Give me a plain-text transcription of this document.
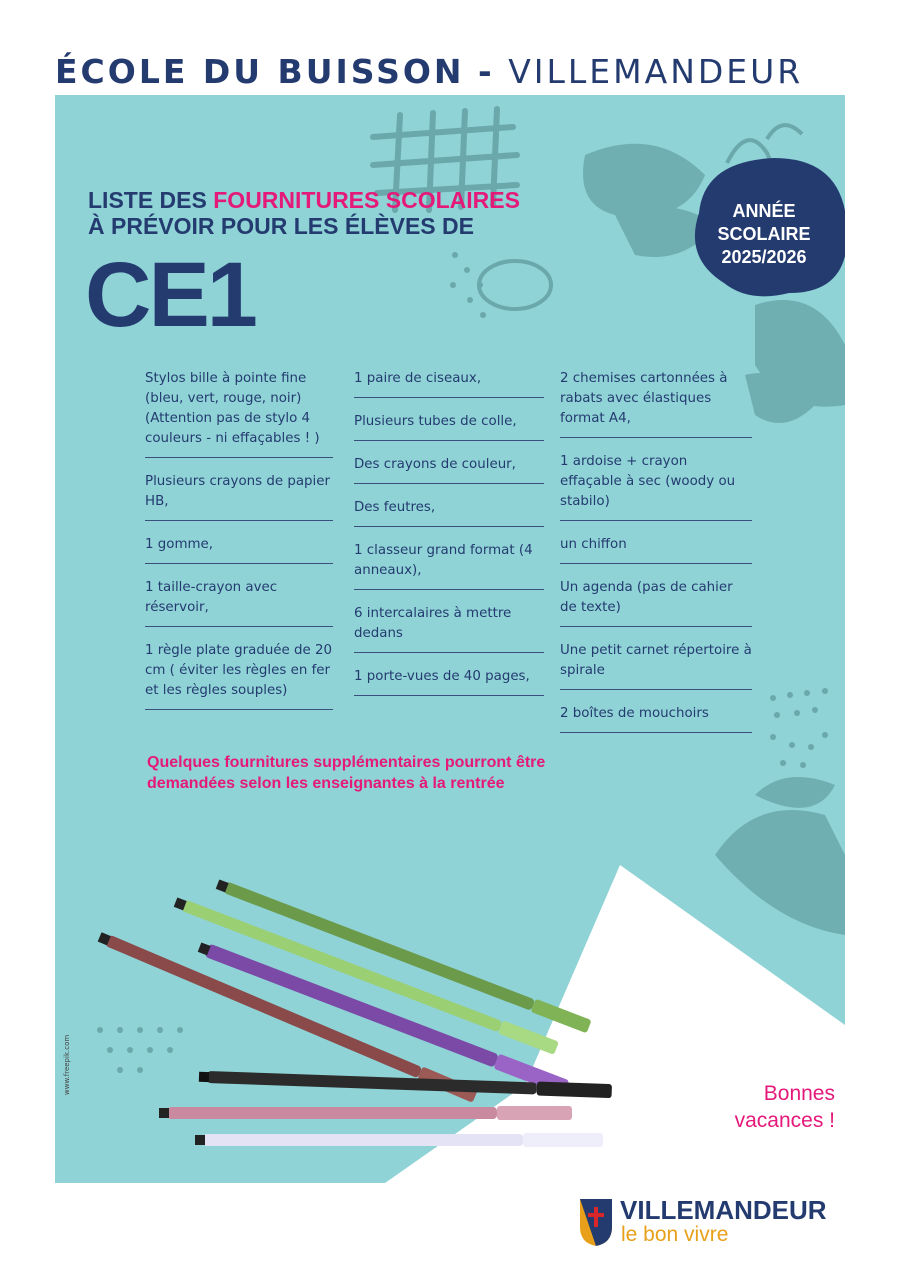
ÉCOLE DU BUISSON - VILLEMANDEUR
LISTE DES FOURNITURES SCOLAIRES
À PRÉVOIR POUR LES ÉLÈVES DE
CE1
ANNÉE
SCOLAIRE
2025/2026
Stylos bille à pointe fine (bleu, vert, rouge, noir) (Attention pas de stylo 4 couleurs - ni effaçables ! )
Plusieurs crayons de papier HB,
1 gomme,
1 taille-crayon avec réservoir,
1 règle plate graduée de 20 cm ( éviter les règles en fer et les règles souples)
1 paire de ciseaux,
Plusieurs tubes de colle,
Des crayons de couleur,
Des feutres,
1 classeur grand format (4 anneaux),
6 intercalaires à mettre dedans
1 porte-vues de 40 pages,
2 chemises cartonnées à rabats avec élastiques format A4,
1 ardoise + crayon effaçable à sec (woody ou stabilo)
un chiffon
Un agenda (pas de cahier de texte)
Une petit carnet répertoire à spirale
2 boîtes de mouchoirs
Quelques fournitures supplémentaires pourront être demandées selon les enseignantes à la rentrée
Bonnes
vacances !
www.freepik.com
VILLEMANDEUR
le bon vivre
